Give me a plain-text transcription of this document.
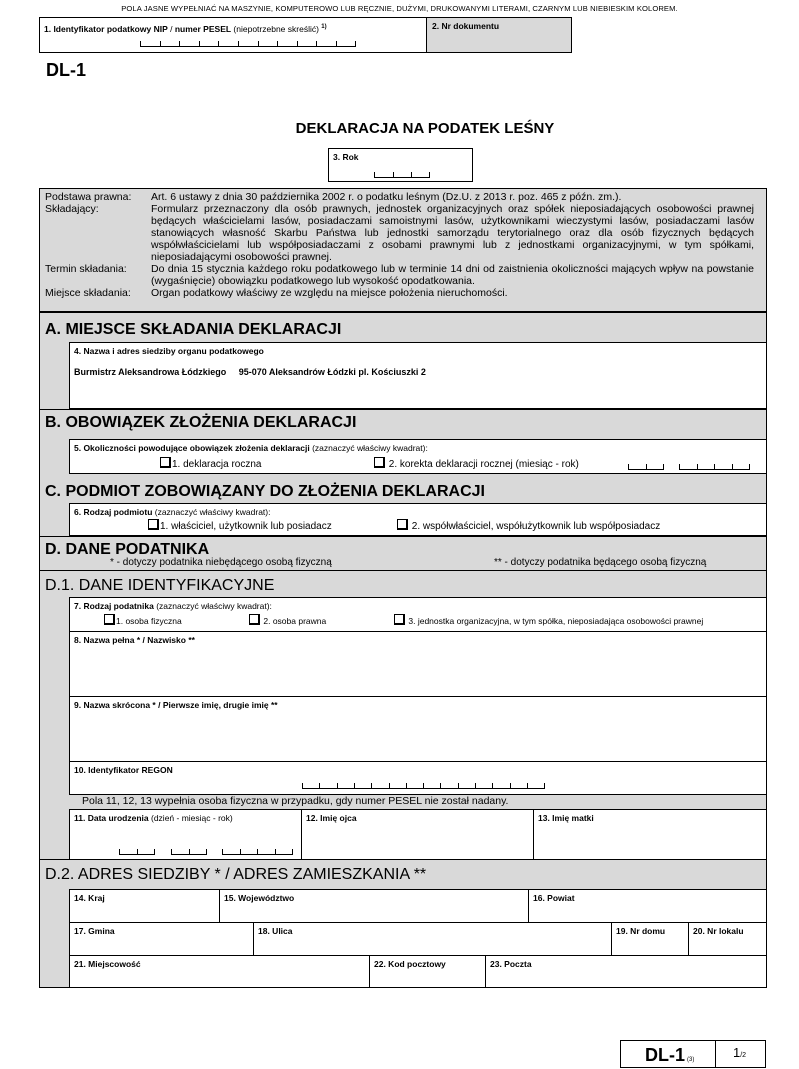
POLA JASNE WYPEŁNIAĆ NA MASZYNIE, KOMPUTEROWO LUB RĘCZNIE, DUŻYMI, DRUKOWANYMI LITERAMI, CZARNYM LUB NIEBIESKIM KOLOREM.
1. Identyfikator podatkowy NIP / numer PESEL (niepotrzebne skreślić) $^{1)}$	2. Nr dokumentu
DL-1
DEKLARACJA NA PODATEK LEŚNY
3. Rok
Podstawa prawna:	Art. 6 ustawy z dnia 30 października 2002 r. o podatku leśnym (Dz.U. z 2013 r. poz. 465 z późn. zm.).
Składający:	Formularz przeznaczony dla osób prawnych, jednostek organizacyjnych oraz spółek nieposiadających osobowości prawnej będących właścicielami lasów, posiadaczami samoistnymi lasów, użytkownikami wieczystymi lasów, posiadaczami lasów stanowiących własność Skarbu Państwa lub jednostki samorządu terytorialnego oraz dla osób fizycznych będących współwłaścicielami lub współposiadaczami z osobami prawnymi lub z jednostkami organizacyjnymi, w tym spółkami, nieposiadającymi osobowości prawnej.
Termin składania:	Do dnia 15 stycznia każdego roku podatkowego lub w terminie 14 dni od zaistnienia okoliczności mających wpływ na powstanie (wygaśnięcie) obowiązku podatkowego lub wysokość opodatkowania.
Miejsce składania:	Organ podatkowy właściwy ze względu na miejsce położenia nieruchomości.
A. MIEJSCE SKŁADANIA DEKLARACJI
4. Nazwa i adres siedziby organu podatkowego
Burmistrz Aleksandrowa Łódzkiego     95-070 Aleksandrów Łódzki pl. Kościuszki 2
B. OBOWIĄZEK ZŁOŻENIA DEKLARACJI
5. Okoliczności powodujące obowiązek złożenia deklaracji (zaznaczyć właściwy kwadrat):
1. deklaracja roczna	2. korekta deklaracji rocznej (miesiąc - rok)
C. PODMIOT ZOBOWIĄZANY DO ZŁOŻENIA DEKLARACJI
6. Rodzaj podmiotu (zaznaczyć właściwy kwadrat):
1. właściciel, użytkownik lub posiadacz	2. współwłaściciel, współużytkownik lub współposiadacz
D. DANE PODATNIKA
* - dotyczy podatnika niebędącego osobą fizyczną	** - dotyczy podatnika będącego osobą fizyczną
D.1. DANE IDENTYFIKACYJNE
7. Rodzaj podatnika (zaznaczyć właściwy kwadrat):
1. osoba fizyczna	2. osoba prawna	3. jednostka organizacyjna, w tym spółka, nieposiadająca osobowości prawnej
8. Nazwa pełna * / Nazwisko **
9. Nazwa skrócona * / Pierwsze imię, drugie imię **
10. Identyfikator REGON
Pola 11, 12, 13 wypełnia osoba fizyczna w przypadku, gdy numer PESEL nie został nadany.
11. Data urodzenia (dzień - miesiąc - rok)	12. Imię ojca	13. Imię matki
D.2. ADRES SIEDZIBY * / ADRES ZAMIESZKANIA **
14. Kraj	15. Województwo	16. Powiat
17. Gmina	18. Ulica	19. Nr domu	20. Nr lokalu
21. Miejscowość	22. Kod pocztowy	23. Poczta
DL-1 (3)	1/2
